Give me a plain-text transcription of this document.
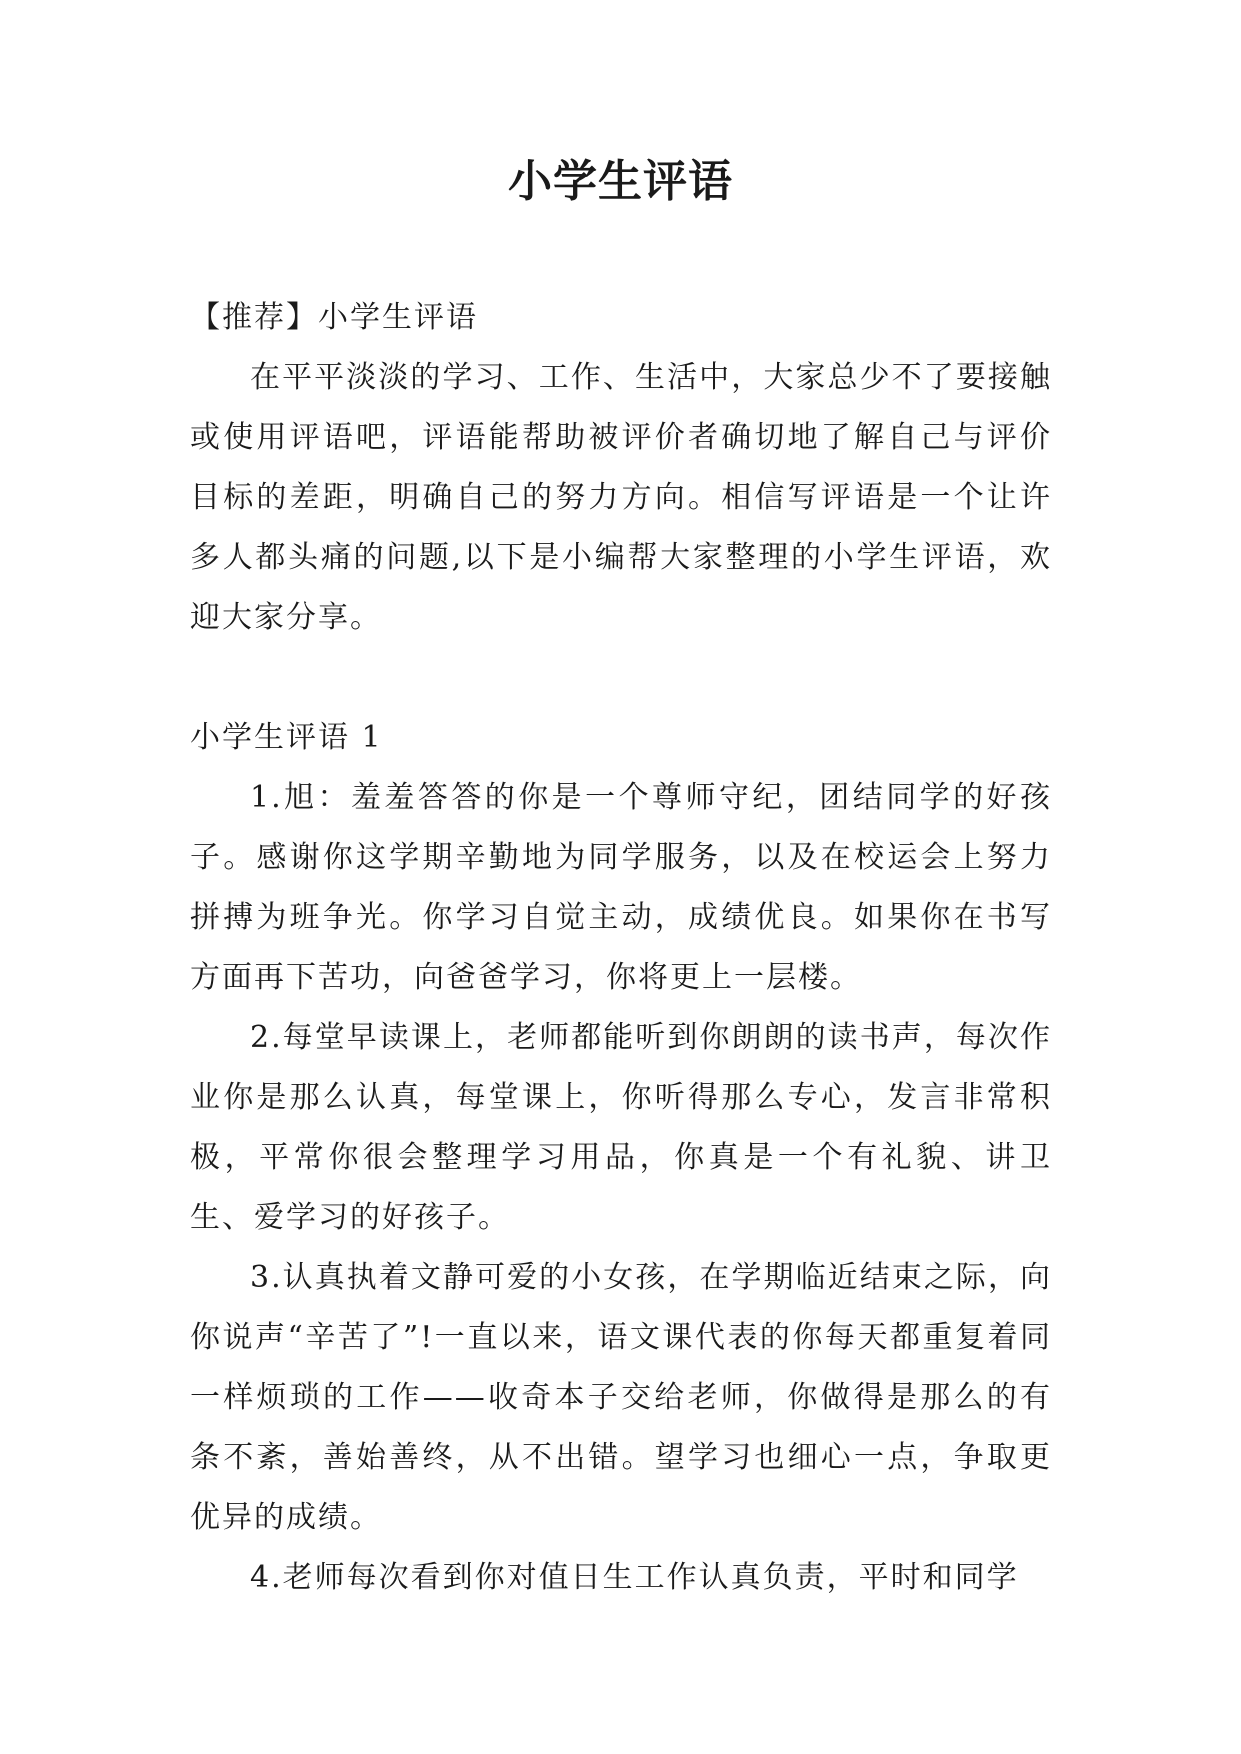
小学生评语

【推荐】小学生评语

在平平淡淡的学习、工作、生活中，大家总少不了要接触或使用评语吧，评语能帮助被评价者确切地了解自己与评价目标的差距，明确自己的努力方向。相信写评语是一个让许多人都头痛的问题,以下是小编帮大家整理的小学生评语，欢迎大家分享。

小学生评语 1

1.旭：羞羞答答的你是一个尊师守纪，团结同学的好孩子。感谢你这学期辛勤地为同学服务，以及在校运会上努力拼搏为班争光。你学习自觉主动，成绩优良。如果你在书写方面再下苦功，向爸爸学习，你将更上一层楼。

2.每堂早读课上，老师都能听到你朗朗的读书声，每次作业你是那么认真，每堂课上，你听得那么专心，发言非常积极，平常你很会整理学习用品，你真是一个有礼貌、讲卫生、爱学习的好孩子。

3.认真执着文静可爱的小女孩，在学期临近结束之际，向你说声“辛苦了”!一直以来，语文课代表的你每天都重复着同一样烦琐的工作——收奇本子交给老师，你做得是那么的有条不紊，善始善终，从不出错。望学习也细心一点，争取更优异的成绩。

4.老师每次看到你对值日生工作认真负责，平时和同学
